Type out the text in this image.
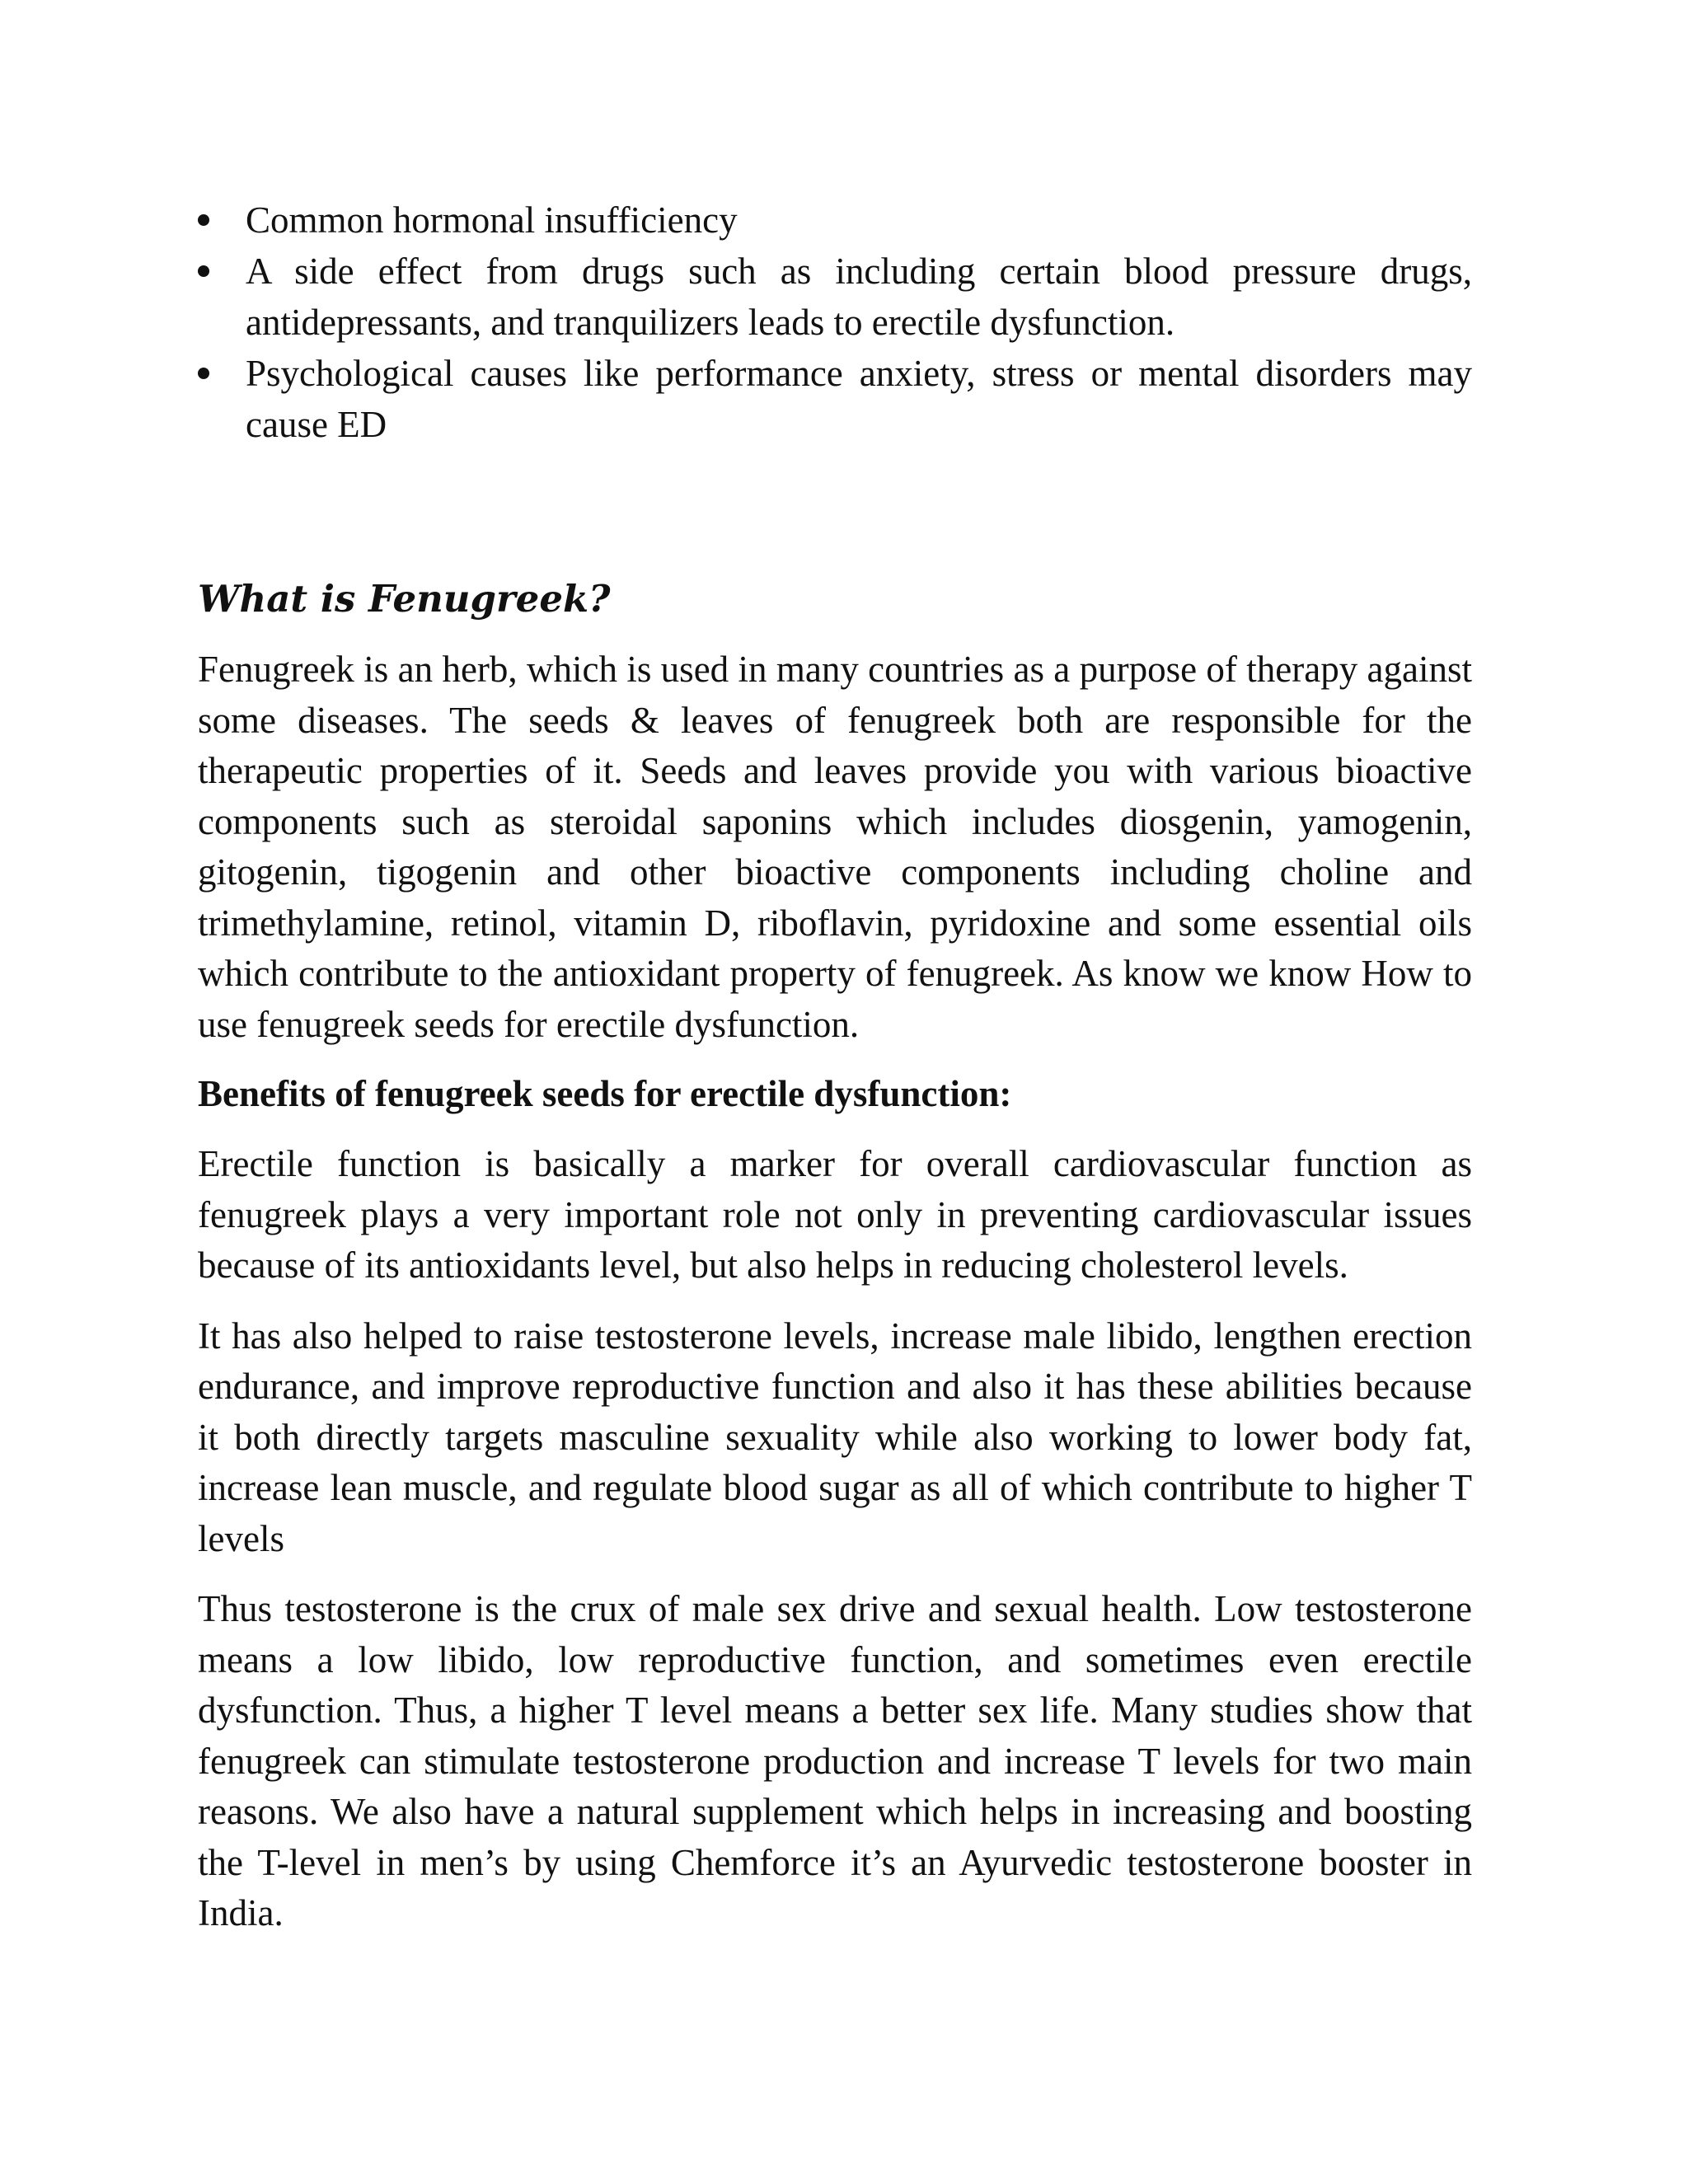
Common hormonal insufficiency
A side effect from drugs such as including certain blood pressure drugs, antidepressants, and tranquilizers leads to erectile dysfunction.
Psychological causes like performance anxiety, stress or mental disorders may cause ED
What is Fenugreek?

Fenugreek is an herb, which is used in many countries as a purpose of therapy against some diseases. The seeds & leaves of fenugreek both are responsible for the therapeutic properties of it. Seeds and leaves provide you with various bioactive components such as steroidal saponins which includes diosgenin, yamogenin, gitogenin, tigogenin and other bioactive components including choline and trimethylamine, retinol, vitamin D, riboflavin, pyridoxine and some essential oils which contribute to the antioxidant property of fenugreek. As know we know How to use fenugreek seeds for erectile dysfunction.

Benefits of fenugreek seeds for erectile dysfunction:

Erectile function is basically a marker for overall cardiovascular function as fenugreek plays a very important role not only in preventing cardiovascular issues because of its antioxidants level, but also helps in reducing cholesterol levels.

It has also helped to raise testosterone levels, increase male libido, lengthen erection endurance, and improve reproductive function and also it has these abilities because it both directly targets masculine sexuality while also working to lower body fat, increase lean muscle, and regulate blood sugar as all of which contribute to higher T levels

Thus testosterone is the crux of male sex drive and sexual health. Low testosterone means a low libido, low reproductive function, and sometimes even erectile dysfunction. Thus, a higher T level means a better sex life. Many studies show that fenugreek can stimulate testosterone production and increase T levels for two main reasons. We also have a natural supplement which helps in increasing and boosting the T-level in men’s by using Chemforce it’s an Ayurvedic testosterone booster in India.
